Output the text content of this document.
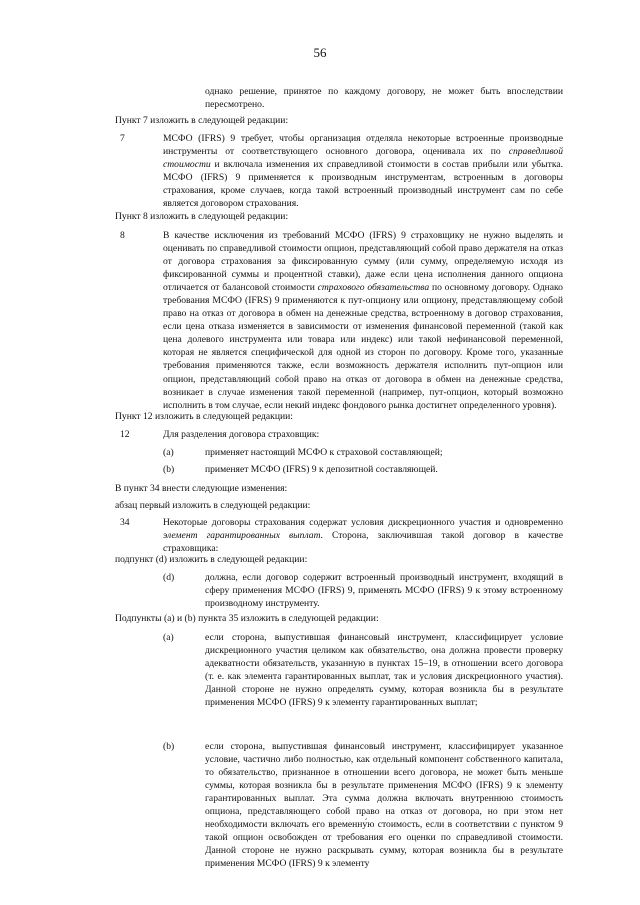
56
однако решение, принятое по каждому договору, не может быть впоследствии пересмотрено.
Пункт 7 изложить в следующей редакции:
7	МСФО (IFRS) 9 требует, чтобы организация отделяла некоторые встроенные производные инструменты от соответствующего основного договора, оценивала их по справедливой стоимости и включала изменения их справедливой стоимости в состав прибыли или убытка. МСФО (IFRS) 9 применяется к производным инструментам, встроенным в договоры страхования, кроме случаев, когда такой встроенный производный инструмент сам по себе является договором страхования.
Пункт 8 изложить в следующей редакции:
8	В качестве исключения из требований МСФО (IFRS) 9 страховщику не нужно выделять и оценивать по справедливой стоимости опцион, представляющий собой право держателя на отказ от договора страхования за фиксированную сумму (или сумму, определяемую исходя из фиксированной суммы и процентной ставки), даже если цена исполнения данного опциона отличается от балансовой стоимости страхового обязательства по основному договору. Однако требования МСФО (IFRS) 9 применяются к пут-опциону или опциону, представляющему собой право на отказ от договора в обмен на денежные средства, встроенному в договор страхования, если цена отказа изменяется в зависимости от изменения финансовой переменной (такой как цена долевого инструмента или товара или индекс) или такой нефинансовой переменной, которая не является специфической для одной из сторон по договору. Кроме того, указанные требования применяются также, если возможность держателя исполнить пут-опцион или опцион, представляющий собой право на отказ от договора в обмен на денежные средства, возникает в случае изменения такой переменной (например, пут-опцион, который возможно исполнить в том случае, если некий индекс фондового рынка достигнет определенного уровня).
Пункт 12 изложить в следующей редакции:
12	Для разделения договора страховщик:
(a)	применяет настоящий МСФО к страховой составляющей;
(b)	применяет МСФО (IFRS) 9 к депозитной составляющей.
В пункт 34 внести следующие изменения:
абзац первый изложить в следующей редакции:
34	Некоторые договоры страхования содержат условия дискреционного участия и одновременно элемент гарантированных выплат. Сторона, заключившая такой договор в качестве страховщика:
подпункт (d) изложить в следующей редакции:
(d)	должна, если договор содержит встроенный производный инструмент, входящий в сферу применения МСФО (IFRS) 9, применять МСФО (IFRS) 9 к этому встроенному производному инструменту.
Подпункты (a) и (b) пункта 35 изложить в следующей редакции:
(a)	если сторона, выпустившая финансовый инструмент, классифицирует условие дискреционного участия целиком как обязательство, она должна провести проверку адекватности обязательств, указанную в пунктах 15–19, в отношении всего договора (т. е. как элемента гарантированных выплат, так и условия дискреционного участия). Данной стороне не нужно определять сумму, которая возникла бы в результате применения МСФО (IFRS) 9 к элементу гарантированных выплат;
(b)	если сторона, выпустившая финансовый инструмент, классифицирует указанное условие, частично либо полностью, как отдельный компонент собственного капитала, то обязательство, признанное в отношении всего договора, не может быть меньше суммы, которая возникла бы в результате применения МСФО (IFRS) 9 к элементу гарантированных выплат. Эта сумма должна включать внутреннюю стоимость опциона, представляющего собой право на отказ от договора, но при этом нет необходимости включать его временну́ю стоимость, если в соответствии с пунктом 9 такой опцион освобожден от требования его оценки по справедливой стоимости. Данной стороне не нужно раскрывать сумму, которая возникла бы в результате применения МСФО (IFRS) 9 к элементу
